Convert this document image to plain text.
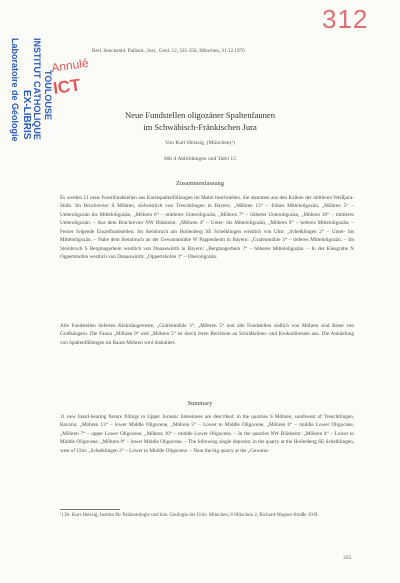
312
Laboratoire de Géologie EX-LIBRIS INSTITUT CATHOLIQUE TOULOUSE
Annulé
ICT
Berl. Senckenbl. Paläont., Inst., Geol. 12, 335-350, München, 31.12.1970
Neue Fundstellen oligozäner Spaltenfaunen
im Schwäbisch-Fränkischen Jura
Von Kurt Heissig, (München)¹)
Mit 4 Abbildungen und Tafel 15
Zusammenfassung
Es werden 11 neue Fossilfundstellen aus Karstspaltenfüllungen im Malm beschrieben. Sie stammen aus den Kalken der mittleren Weißjura-Stufe. Im Bruchrevier S Möhren, südwestlich von Treuchtlingen in Bayern: „Möhren 13“ – frühes Mitteloligozän, „Möhren 5“ – Unteroligozän bis Mitteloligozän, „Möhren 6“ – mittleres Unteroligozän, „Möhren 7“ – höheres Unteroligozän, „Möhren 10“ – mittleres Unteroligozän. – Aus dem Bruchrevier NW Bläsheim: „Möhren 4“ – Unter- bis Mitteloligozän, „Möhren 9“ – tieferes Mitteloligozän. – Ferner folgende Einzelfundstellen: Im Steinbruch am Hollenberg SE Schelklingen westlich von Ulm: „Schelklingen 2“ – Unter- bis Mitteloligozän. – Nahe dem Steinbruch an der Gewannmühle W Pappenheim in Bayern: „Grafenmühle 3“ – tieferes Mitteloligozän. – Im Steinbruch S Bergmagerbein westlich von Donauwörth in Bayern: „Bergmagerbein 7“ – höheres Mitteloligozän. – In der Kiesgrube N Oppertshofen westlich von Donauwörth: „Oppertshofen 1“ – Oberoligozän.
Alle Fundstellen lieferten Kleinsäugerreste, „Grafenmühle 3“, „Möhren 5“ und alle Fundstellen südlich von Möhren sind Reste von Großsäugern. Die Fauna „Möhren 9“ und „Möhren 5“ ist durch ihren Reichtum an Schildkröten- und Krokodilresten aus. Die Anhäufung von Spaltenfüllungen im Raum Möhren wird diskutiert.
Summary
11 new fossil-bearing fissure fillings in Upper Jurassic limestones are described: in the quarries S Möhren, southwest of Treuchtlingen, Bavaria: „Möhren 13“ – lower Middle Oligocene, „Möhren 5“ – Lower to Middle Oligocene, „Möhren 6“ – middle Lower Oligocene, „Möhren 7“ – upper Lower Oligocene, „Möhren 10“ – middle Lower Oligocene. – In the quarries NW Bläsheim: „Möhren 4“ – Lower to Middle Oligocene, „Möhren 9“ – lower Middle Oligocene. – The following single deposits: in the quarry at the Hollenberg SE Schelklingen, west of Ulm: „Schelklingen 2“ – Lower to Middle Oligocene. – Near the big quarry at the „Gewann-
¹) Dr. Kurt Heissig, Institut für Paläontologie und hist. Geologie der Univ. München, 8 München 2, Richard-Wagner-Straße 10/II.
335
